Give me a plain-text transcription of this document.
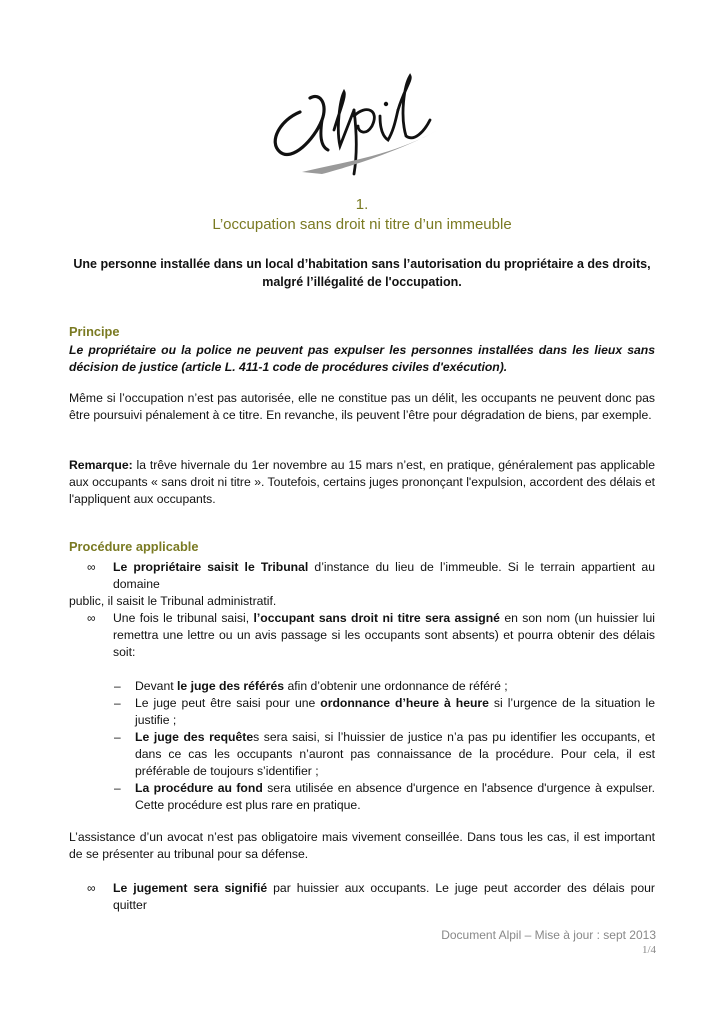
1.
L’occupation sans droit ni titre d’un immeuble
Une personne installée dans un local d’habitation sans l’autorisation du propriétaire a des droits, malgré l’illégalité de l'occupation.
Principe
Le propriétaire ou la police ne peuvent pas expulser les personnes installées dans les lieux sans décision de justice (article L. 411-1 code de procédures civiles d'exécution).
Même si l’occupation n’est pas autorisée, elle ne constitue pas un délit, les occupants ne peuvent donc pas être poursuivi pénalement à ce titre. En revanche, ils peuvent l’être pour dégradation de biens, par exemple.
Remarque: la trêve hivernale du 1er novembre au 15 mars n’est, en pratique, généralement pas applicable aux occupants « sans droit ni titre ». Toutefois, certains juges prononçant l'expulsion, accordent des délais et l'appliquent aux occupants.
Procédure applicable
∞ Le propriétaire saisit le Tribunal d’instance du lieu de l’immeuble. Si le terrain appartient au domaine
public, il saisit le Tribunal administratif.
∞ Une fois le tribunal saisi, l’occupant sans droit ni titre sera assigné en son nom (un huissier lui remettra une lettre ou un avis passage si les occupants sont absents) et pourra obtenir des délais soit:
– Devant le juge des référés afin d’obtenir une ordonnance de référé ;
– Le juge peut être saisi pour une ordonnance d’heure à heure si l’urgence de la situation le justifie ;
– Le juge des requêtes sera saisi, si l’huissier de justice n’a pas pu identifier les occupants, et dans ce cas les occupants n’auront pas connaissance de la procédure. Pour cela, il est préférable de toujours s’identifier ;
– La procédure au fond sera utilisée en absence d'urgence en l'absence d'urgence à expulser. Cette procédure est plus rare en pratique.
L’assistance d’un avocat n’est pas obligatoire mais vivement conseillée. Dans tous les cas, il est important de se présenter au tribunal pour sa défense.
∞ Le jugement sera signifié par huissier aux occupants. Le juge peut accorder des délais pour quitter
Document Alpil – Mise à jour : sept 2013
1/4
